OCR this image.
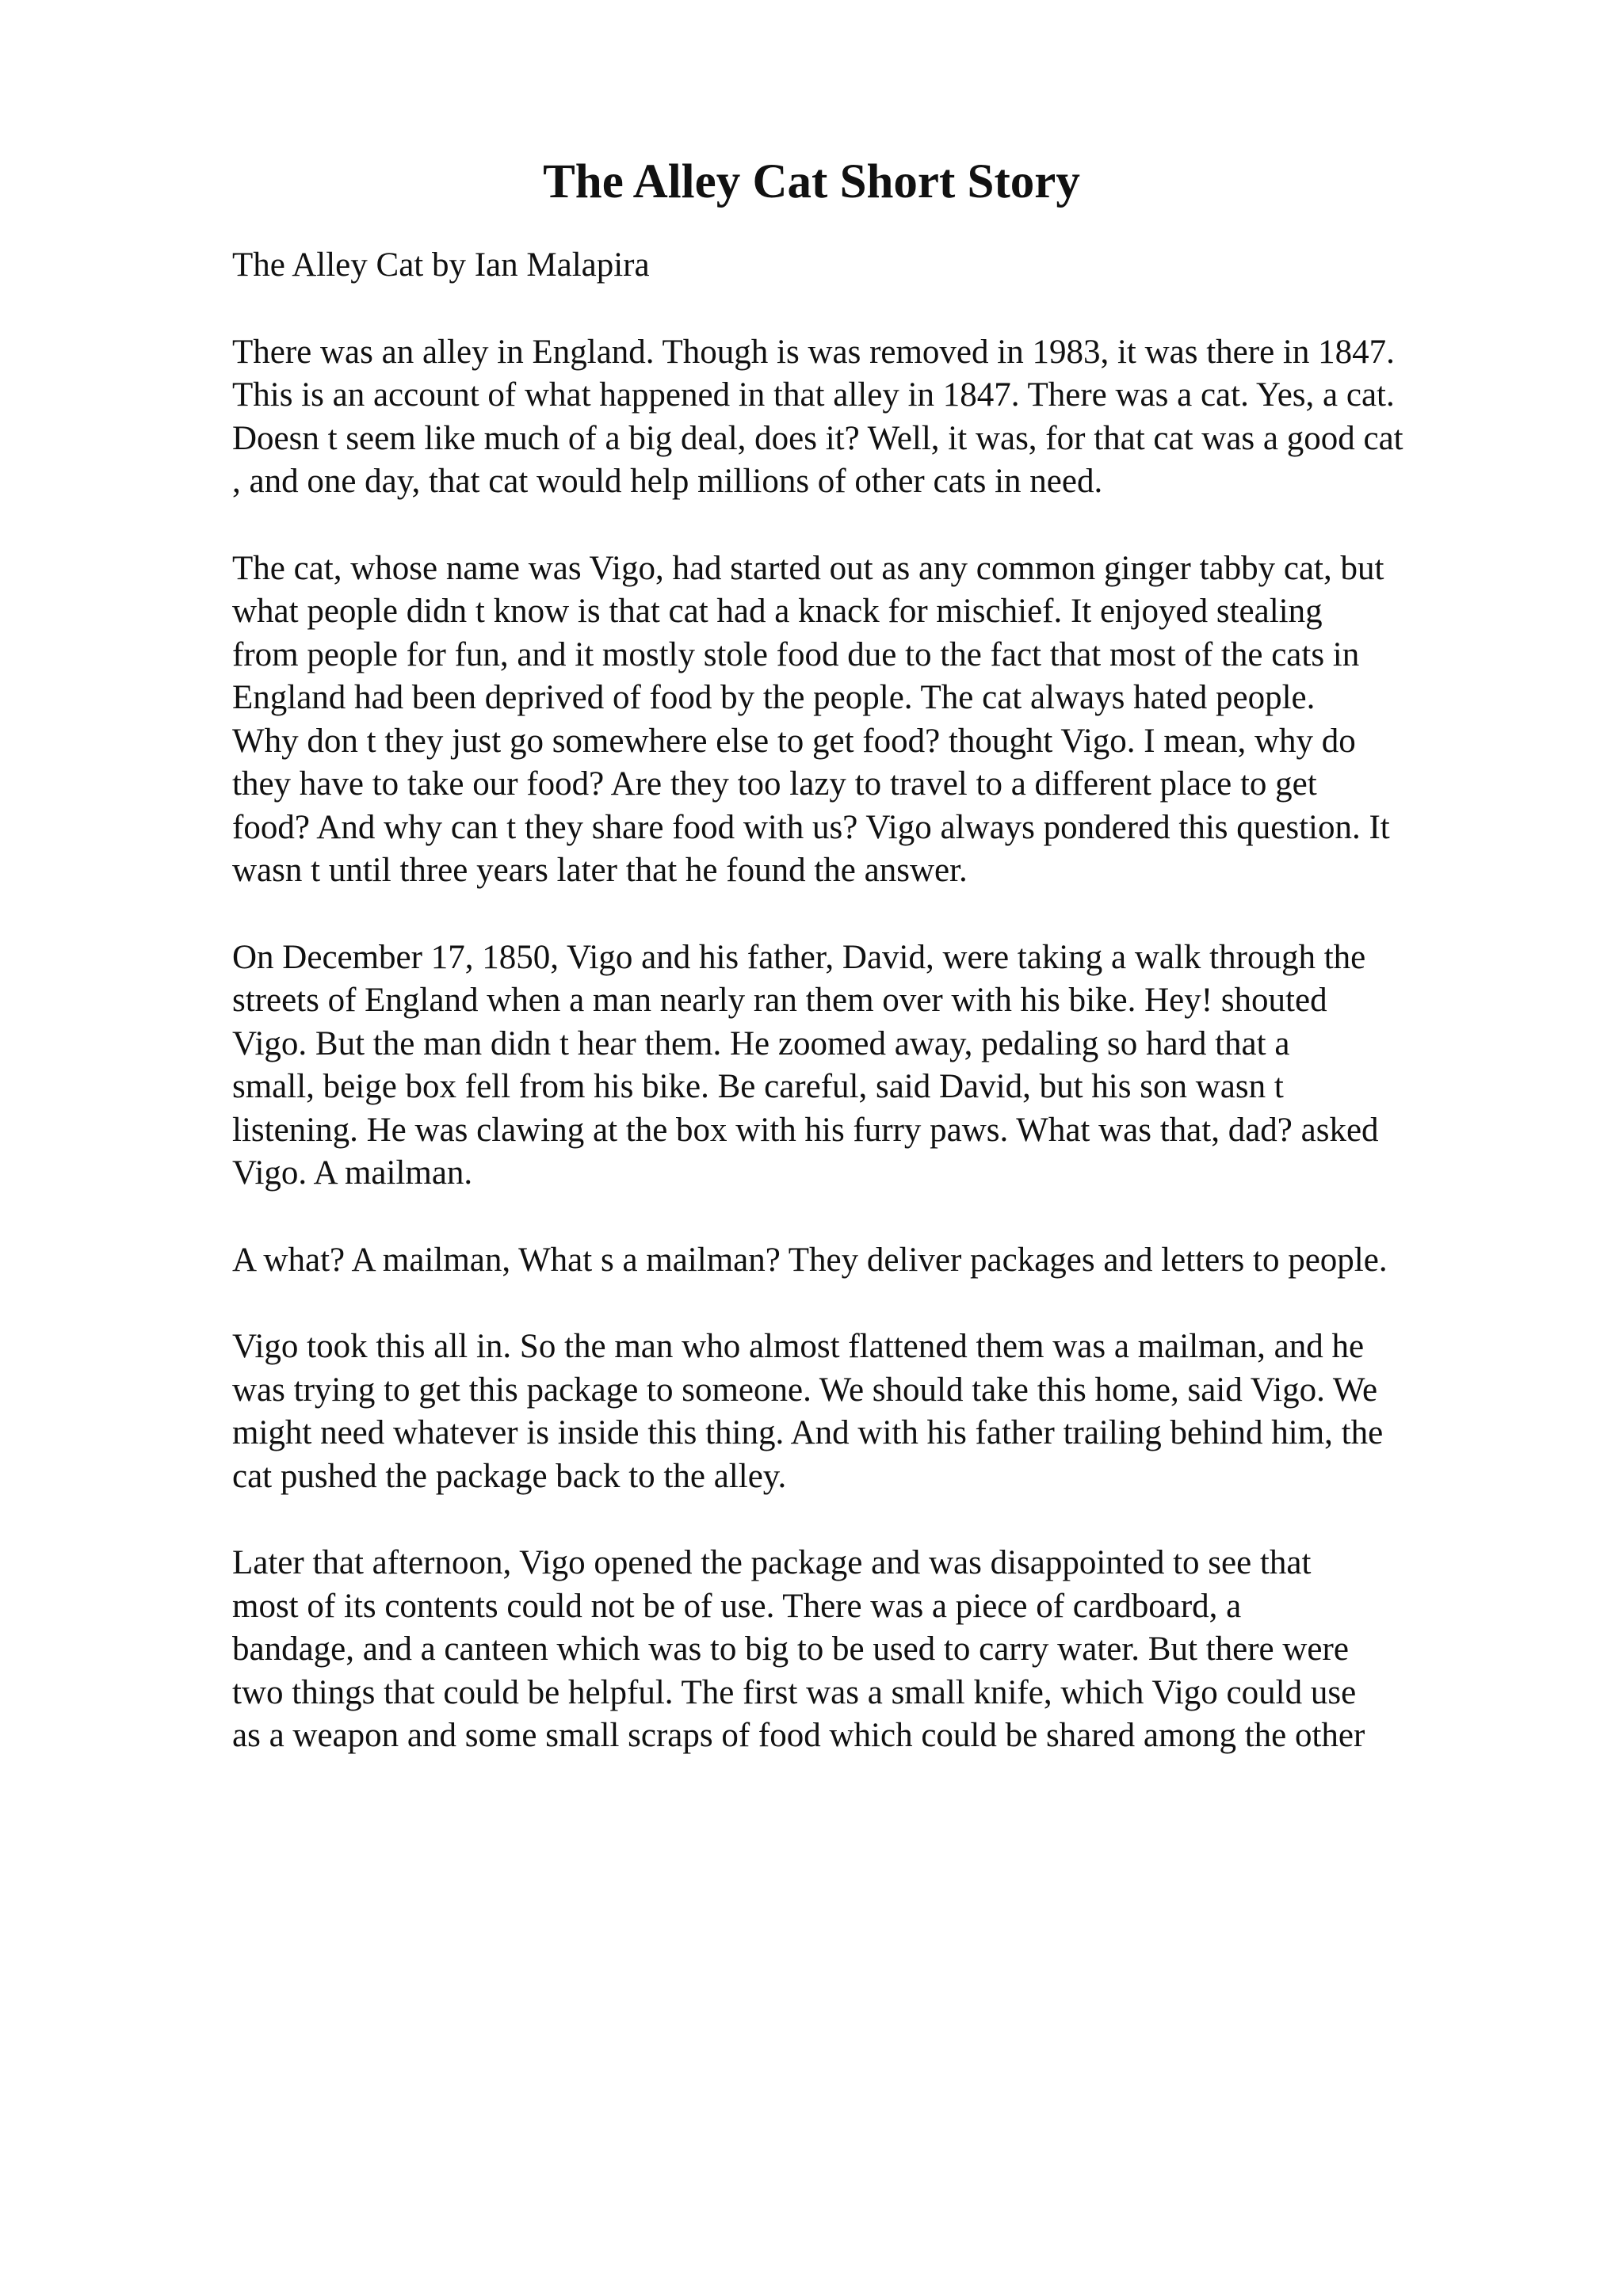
The Alley Cat Short Story
The Alley Cat by Ian Malapira
There was an alley in England. Though is was removed in 1983, it was there in 1847.
This is an account of what happened in that alley in 1847. There was a cat. Yes, a cat.
Doesn t seem like much of a big deal, does it? Well, it was, for that cat was a good cat
, and one day, that cat would help millions of other cats in need.
The cat, whose name was Vigo, had started out as any common ginger tabby cat, but
what people didn t know is that cat had a knack for mischief. It enjoyed stealing
from people for fun, and it mostly stole food due to the fact that most of the cats in
England had been deprived of food by the people. The cat always hated people.
Why don t they just go somewhere else to get food? thought Vigo. I mean, why do
they have to take our food? Are they too lazy to travel to a different place to get
food? And why can t they share food with us? Vigo always pondered this question. It
wasn t until three years later that he found the answer.
On December 17, 1850, Vigo and his father, David, were taking a walk through the
streets of England when a man nearly ran them over with his bike. Hey! shouted
Vigo. But the man didn t hear them. He zoomed away, pedaling so hard that a
small, beige box fell from his bike. Be careful, said David, but his son wasn t
listening. He was clawing at the box with his furry paws. What was that, dad? asked
Vigo. A mailman.
A what? A mailman, What s a mailman? They deliver packages and letters to people.
Vigo took this all in. So the man who almost flattened them was a mailman, and he
was trying to get this package to someone. We should take this home, said Vigo. We
might need whatever is inside this thing. And with his father trailing behind him, the
cat pushed the package back to the alley.
Later that afternoon, Vigo opened the package and was disappointed to see that
most of its contents could not be of use. There was a piece of cardboard, a
bandage, and a canteen which was to big to be used to carry water. But there were
two things that could be helpful. The first was a small knife, which Vigo could use
as a weapon and some small scraps of food which could be shared among the other
